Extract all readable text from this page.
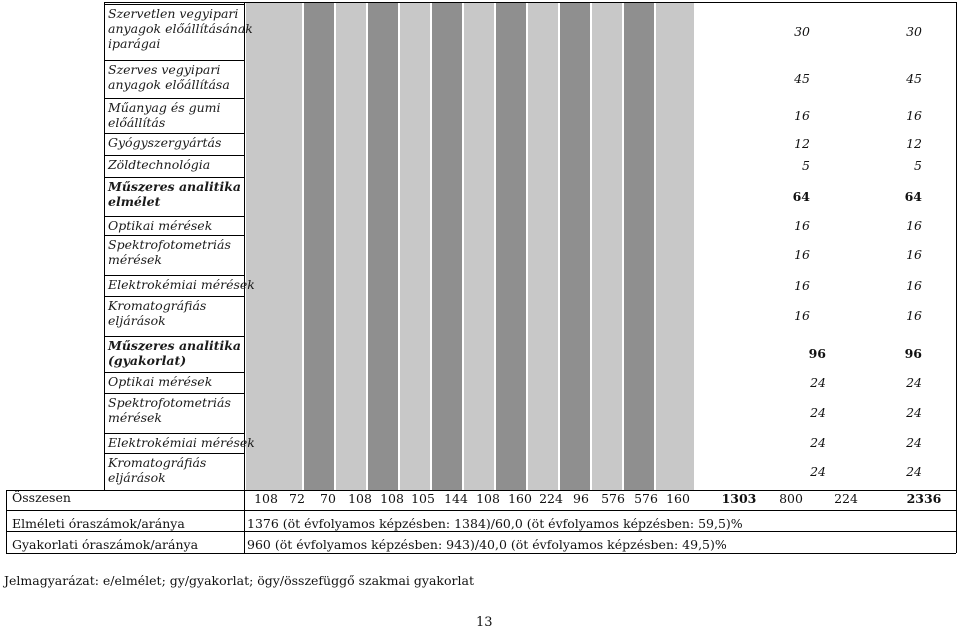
Szervetlen vegyipari
anyagok előállításának
iparágai
30	30
Szerves vegyipari
anyagok előállítása	45	45
Műanyag és gumi
előállítás	16	16
Gyógyszergyártás	12	12
Zöldtechnológia	5	5
Műszeres analitika
elmélet	64	64
Optikai mérések	16	16
Spektrofotometriás
mérések	16	16
Elektrokémiai mérések	16	16
Kromatográfiás
eljárások	16	16
Műszeres analitika
(gyakorlat)	96	96
Optikai mérések	24	24
Spektrofotometriás
mérések	24	24
Elektrokémiai mérések	24	24
Kromatográfiás
eljárások	24	24
Összesen	108 72	70 108 108 105 144 108 160 224 96 576 576 160	1303	800	224	2336
Elméleti óraszámok/aránya	1376 (öt évfolyamos képzésben: 1384)/60,0 (öt évfolyamos képzésben: 59,5)%
Gyakorlati óraszámok/aránya	960 (öt évfolyamos képzésben: 943)/40,0 (öt évfolyamos képzésben: 49,5)%
Jelmagyarázat: e/elmélet; gy/gyakorlat; ögy/összefüggő szakmai gyakorlat
13
